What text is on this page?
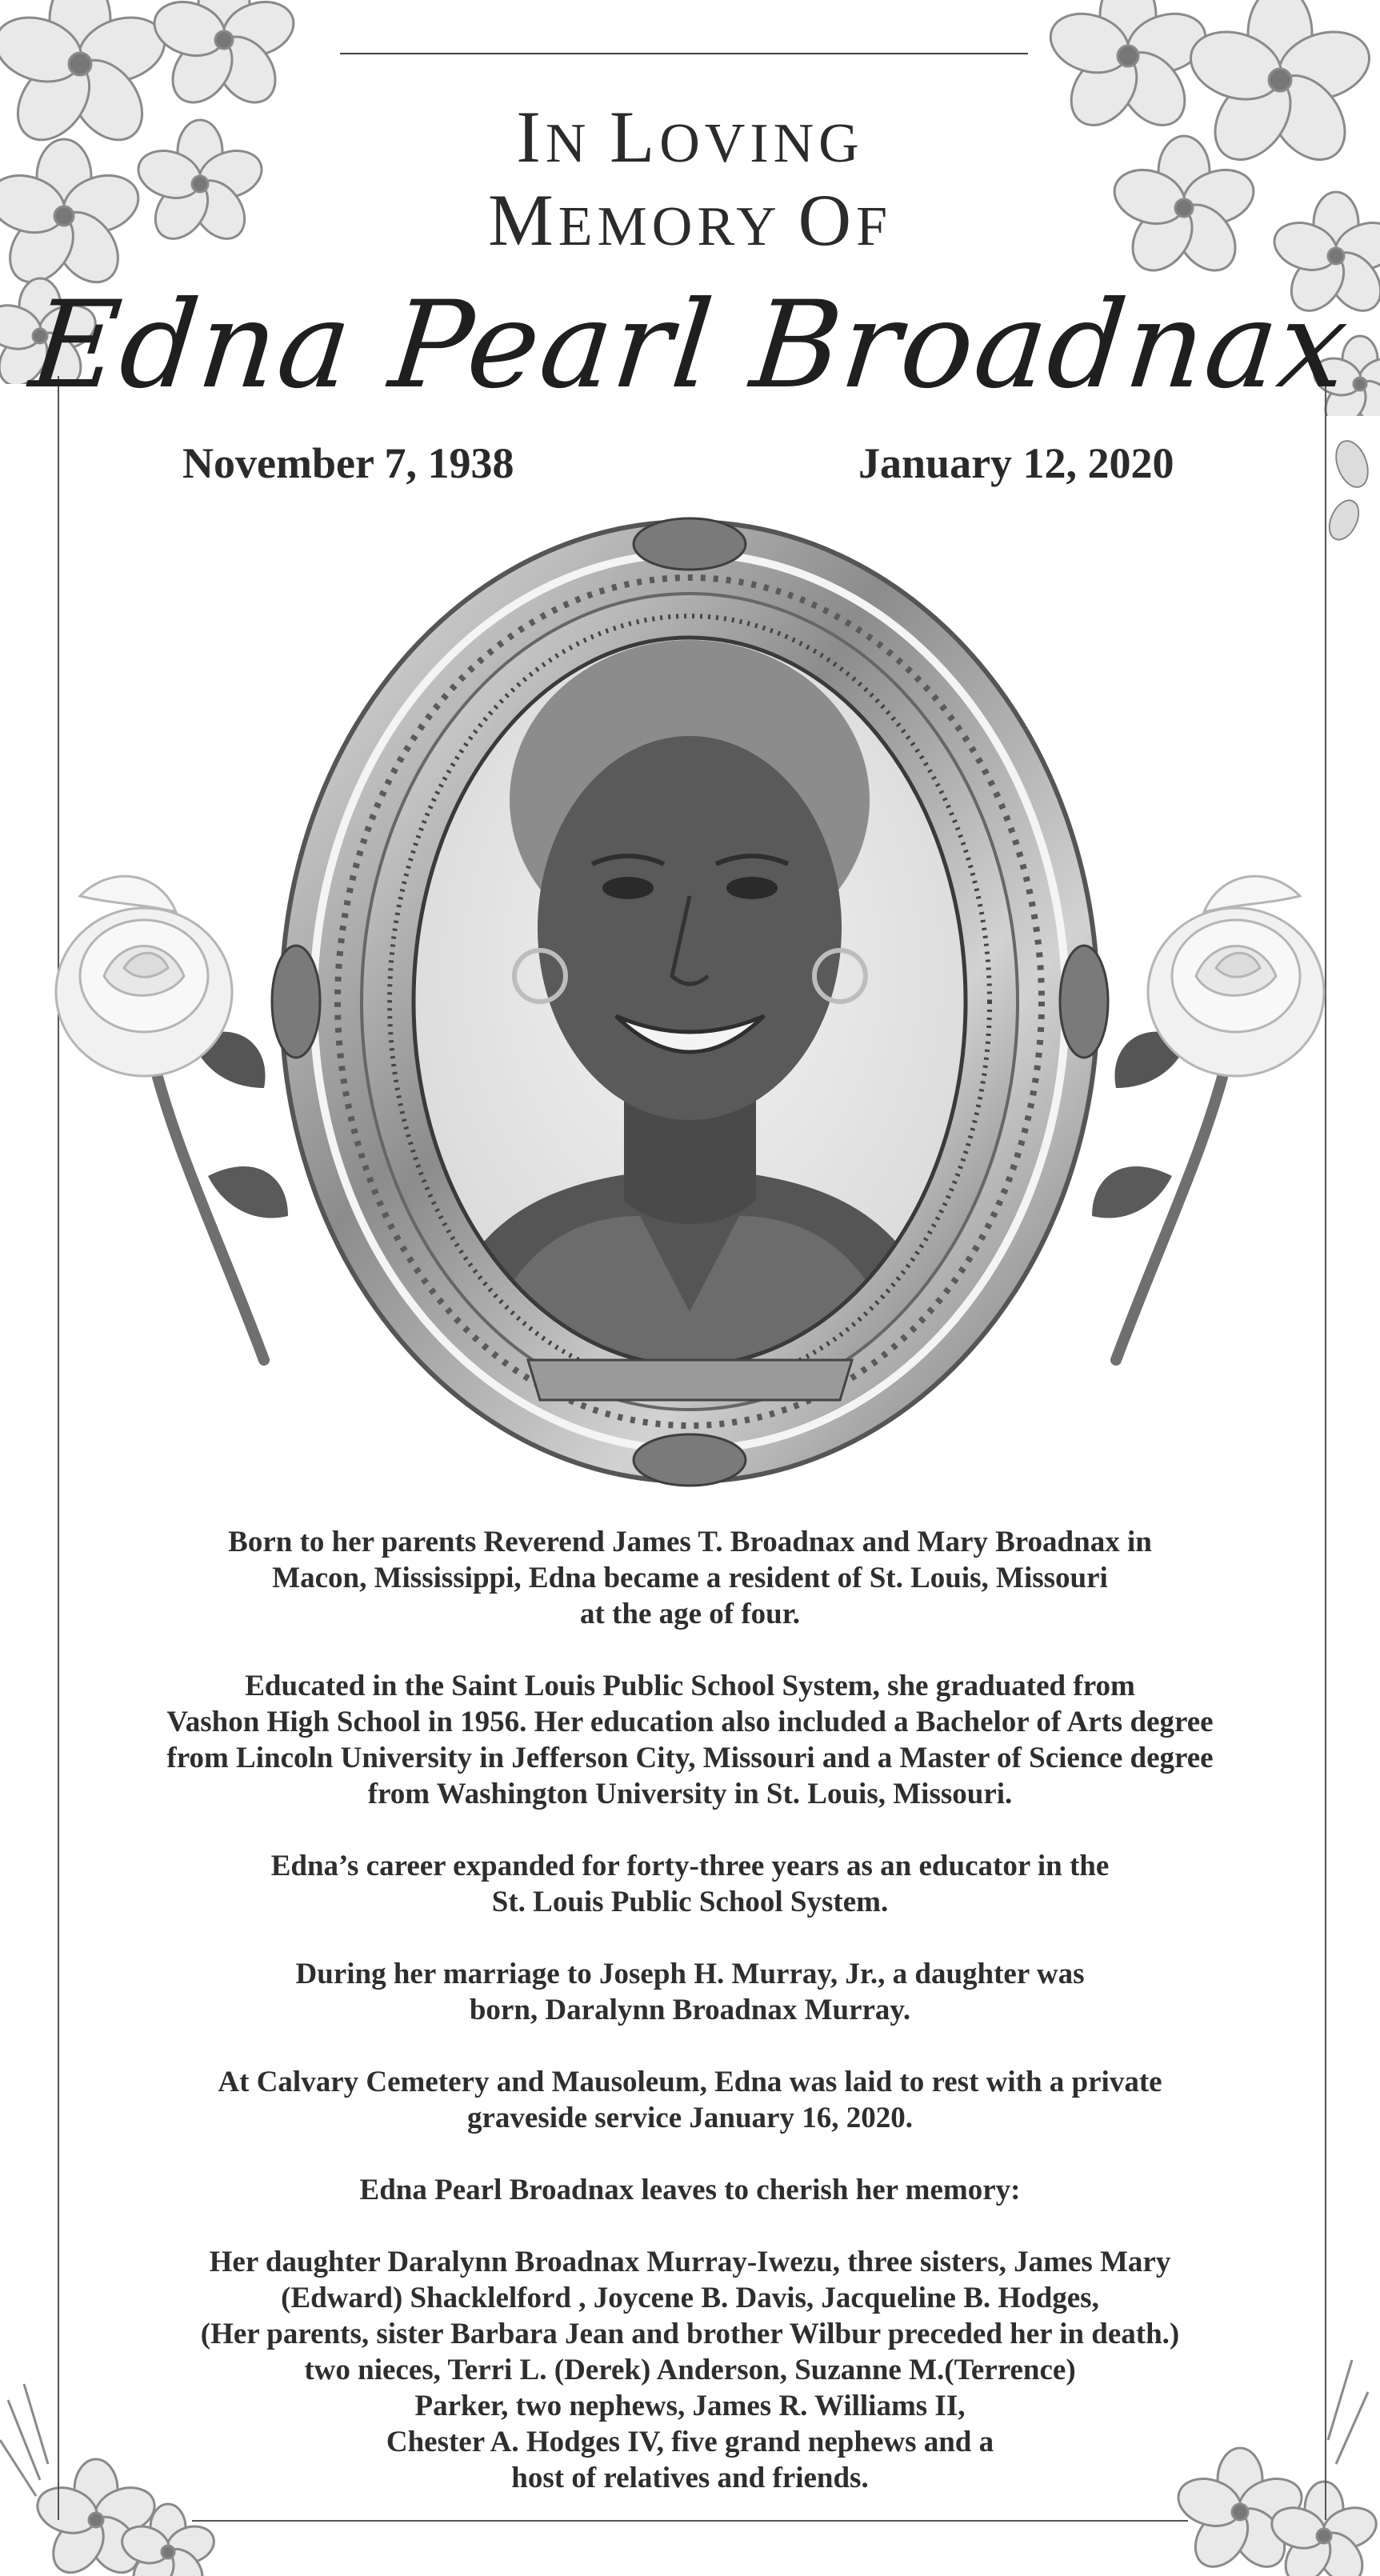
IN LOVING
MEMORY OF
Edna Pearl Broadnax
November 7, 1938	January 12, 2020

Born to her parents Reverend James T. Broadnax and Mary Broadnax in
Macon, Mississippi, Edna became a resident of St. Louis, Missouri
at the age of four.

Educated in the Saint Louis Public School System, she graduated from
Vashon High School in 1956. Her education also included a Bachelor of Arts degree
from Lincoln University in Jefferson City, Missouri and a Master of Science degree
from Washington University in St. Louis, Missouri.

Edna’s career expanded for forty-three years as an educator in the
St. Louis Public School System.

During her marriage to Joseph H. Murray, Jr., a daughter was
born, Daralynn Broadnax Murray.

At Calvary Cemetery and Mausoleum, Edna was laid to rest with a private
graveside service January 16, 2020.

Edna Pearl Broadnax leaves to cherish her memory:

Her daughter Daralynn Broadnax Murray-Iwezu, three sisters, James Mary
(Edward) Shacklelford , Joycene B. Davis, Jacqueline B. Hodges,
(Her parents, sister Barbara Jean and brother Wilbur preceded her in death.)
two nieces, Terri L. (Derek) Anderson, Suzanne M.(Terrence)
Parker, two nephews, James R. Williams II,
Chester A. Hodges IV, five grand nephews and a
host of relatives and friends.
